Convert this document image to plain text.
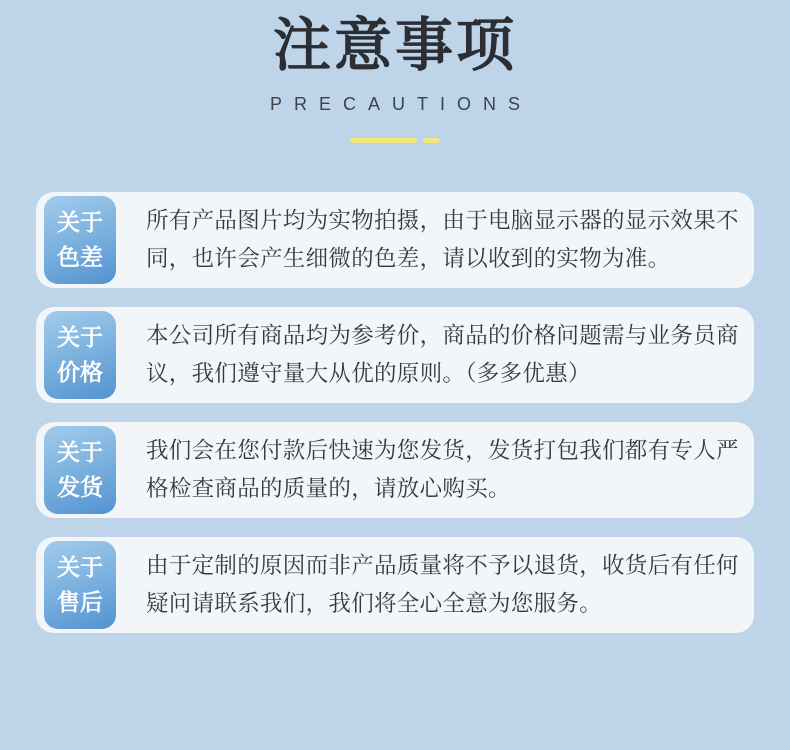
注意事项
PRECAUTIONS
关于
色差
所有产品图片均为实物拍摄，由于电脑显示器的显示效果不同，也许会产生细微的色差，请以收到的实物为准。
关于
价格
本公司所有商品均为参考价，商品的价格问题需与业务员商议，我们遵守量大从优的原则。（多多优惠）
关于
发货
我们会在您付款后快速为您发货，发货打包我们都有专人严格检查商品的质量的，请放心购买。
关于
售后
由于定制的原因而非产品质量将不予以退货，收货后有任何疑问请联系我们，我们将全心全意为您服务。
